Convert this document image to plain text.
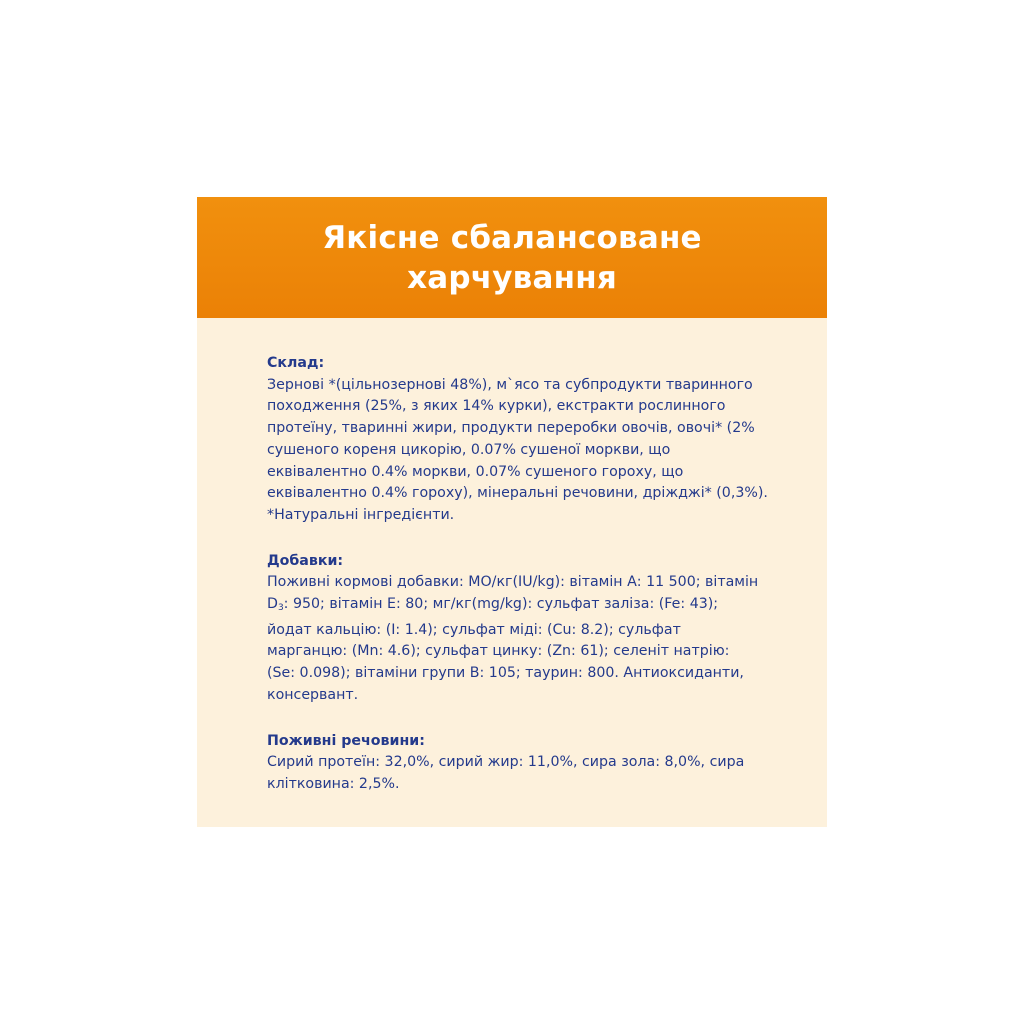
Якісне сбалансоване
харчування
Склад:
Зернові *(цільнозернові 48%), м`ясо та субпродукти тваринного
походження (25%, з яких 14% курки), екстракти рослинного
протеїну, тваринні жири, продукти переробки овочів, овочі* (2%
сушеного кореня цикорію, 0.07% сушеної моркви, що
еквівалентно 0.4% моркви, 0.07% сушеного гороху, що
еквівалентно 0.4% гороху), мінеральні речовини, дріжджі* (0,3%).
*Натуральні інгредієнти.
Добавки:
Поживні кормові добавки: МО/кг(IU/kg): вітамін А: 11 500; вітамін
$D_3$: 950; вітамін Е: 80; мг/кг(mg/kg): сульфат заліза: (Fe: 43);
йодат кальцію: (I: 1.4); сульфат міді: (Cu: 8.2); сульфат
марганцю: (Mn: 4.6); сульфат цинку: (Zn: 61); селеніт натрію:
(Se: 0.098); вітаміни групи В: 105; таурин: 800. Антиоксиданти,
консервант.
Поживні речовини:
Сирий протеїн: 32,0%, сирий жир: 11,0%, сира зола: 8,0%, сира
клітковина: 2,5%.
